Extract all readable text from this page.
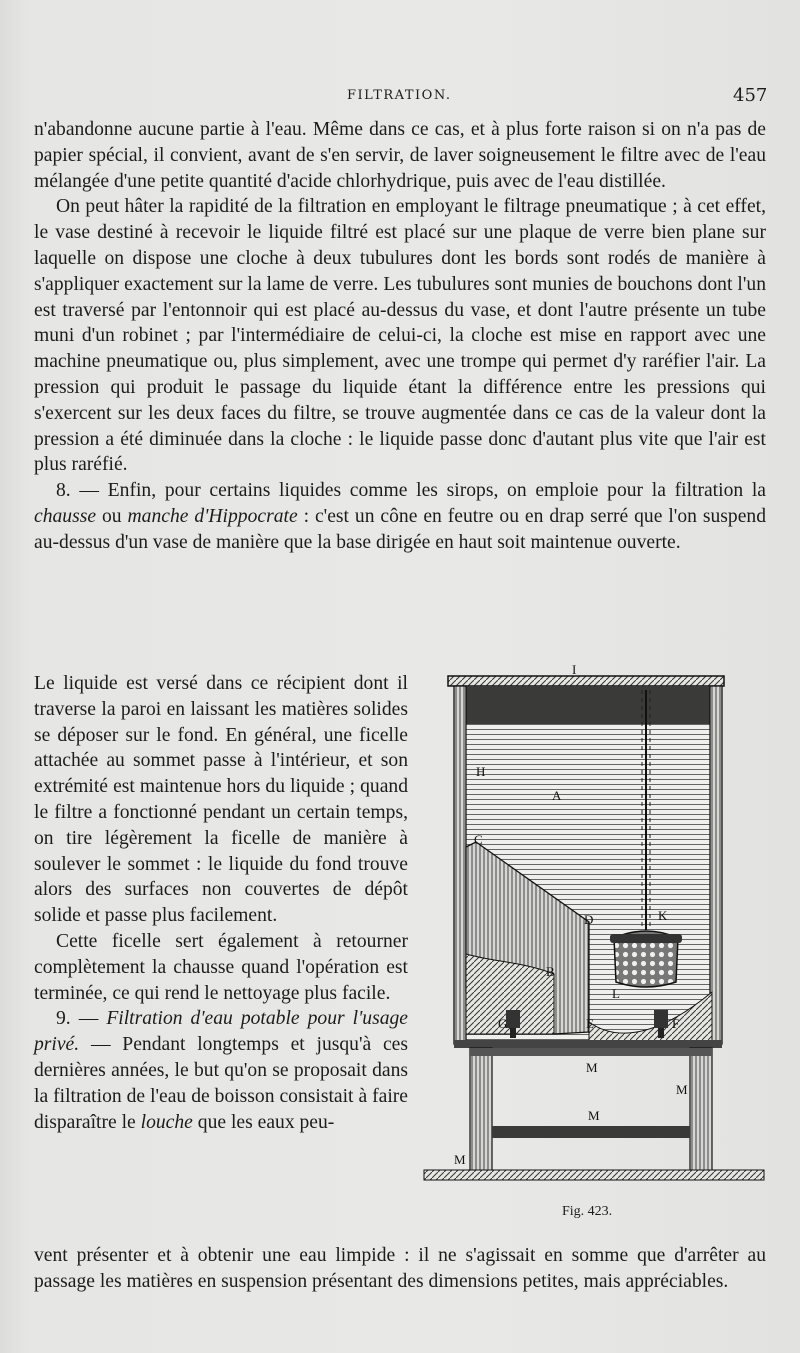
FILTRATION.	457

n'abandonne aucune partie à l'eau. Même dans ce cas, et à plus forte raison si on n'a pas de papier spécial, il convient, avant de s'en servir, de laver soigneusement le filtre avec de l'eau mélangée d'une petite quantité d'acide chlorhydrique, puis avec de l'eau distillée.

On peut hâter la rapidité de la filtration en employant le filtrage pneumatique ; à cet effet, le vase destiné à recevoir le liquide filtré est placé sur une plaque de verre bien plane sur laquelle on dispose une cloche à deux tubulures dont les bords sont rodés de manière à s'appliquer exactement sur la lame de verre. Les tubulures sont munies de bouchons dont l'un est traversé par l'entonnoir qui est placé au-dessus du vase, et dont l'autre présente un tube muni d'un robinet ; par l'intermédiaire de celui-ci, la cloche est mise en rapport avec une machine pneumatique ou, plus simplement, avec une trompe qui permet d'y raréfier l'air. La pression qui produit le passage du liquide étant la différence entre les pressions qui s'exercent sur les deux faces du filtre, se trouve augmentée dans ce cas de la valeur dont la pression a été diminuée dans la cloche : le liquide passe donc d'autant plus vite que l'air est plus raréfié.

8. — Enfin, pour certains liquides comme les sirops, on emploie pour la filtration la chausse ou manche d'Hippocrate : c'est un cône en feutre ou en drap serré que l'on suspend au-dessus d'un vase de manière que la base dirigée en haut soit maintenue ouverte.

Le liquide est versé dans ce récipient dont il traverse la paroi en laissant les matières solides se déposer sur le fond. En général, une ficelle attachée au sommet passe à l'intérieur, et son extrémité est maintenue hors du liquide ; quand le filtre a fonctionné pendant un certain temps, on tire légèrement la ficelle de manière à soulever le sommet : le liquide du fond trouve alors des surfaces non couvertes de dépôt solide et passe plus facilement.

Cette ficelle sert également à retourner complètement la chausse quand l'opération est terminée, ce qui rend le nettoyage plus facile.

9. — Filtration d'eau potable pour l'usage privé. — Pendant longtemps et jusqu'à ces dernières années, le but qu'on se proposait dans la filtration de l'eau de boisson consistait à faire disparaître le louche que les eaux peu-

vent présenter et à obtenir une eau limpide : il ne s'agissait en somme que d'arrêter au passage les matières en suspension présentant des dimensions petites, mais appréciables.

I
H
A
C
D	K
B
L
G	E	F
M
M
M
M
Fig. 423.
